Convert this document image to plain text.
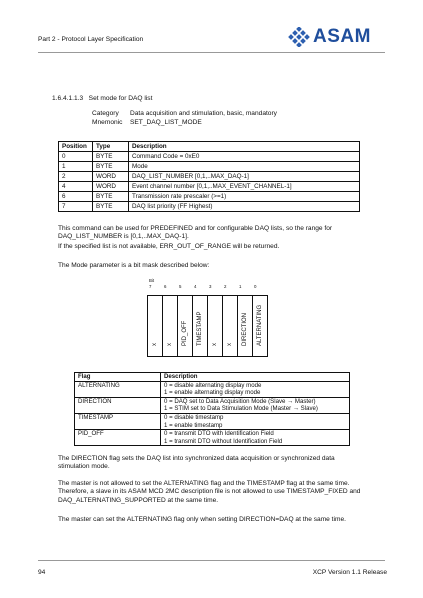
Part 2 - Protocol Layer Specification	ASAM
1.6.4.1.1.3 Set mode for DAQ list
Category Data acquisition and stimulation, basic, mandatory
Mnemonic SET_DAQ_LIST_MODE
Position	Type	Description
0	BYTE	Command Code = 0xE0
1	BYTE	Mode
2	WORD	DAQ_LIST_NUMBER [0,1,..MAX_DAQ-1]
4	WORD	Event channel number [0,1,..MAX_EVENT_CHANNEL-1]
6	BYTE	Transmission rate prescaler (>=1)
7	BYTE	DAQ list priority (FF Highest)
This command can be used for PREDEFINED and for configurable DAQ lists, so the range for DAQ_LIST_NUMBER is [0,1,..MAX_DAQ-1].
If the specified list is not available, ERR_OUT_OF_RANGE will be returned.
The Mode parameter is a bit mask described below:
Bit
7	6	5	4	3	2	1	0
x x PID_OFF TIMESTAMP x x DIRECTION ALTERNATING
Flag	Description
ALTERNATING	0 = disable alternating display mode
1 = enable alternating display mode

DIRECTION	0 = DAQ set to Data Acquisition Mode (Slave → Master)
1 = STIM set to Data Stimulation Mode (Master → Slave)

TIMESTAMP	0 = disable timestamp
1 = enable timestamp

PID_OFF	0 = transmit DTO with Identification Field
1 = transmit DTO without Identification Field
The DIRECTION flag sets the DAQ list into synchronized data acquisition or synchronized data stimulation mode.
The master is not allowed to set the ALTERNATING flag and the TIMESTAMP flag at the same time. Therefore, a slave in its ASAM MCD 2MC description file is not allowed to use TIMESTAMP_FIXED and DAQ_ALTERNATING_SUPPORTED at the same time.
The master can set the ALTERNATING flag only when setting DIRECTION=DAQ at the same time.
94	XCP Version 1.1 Release
